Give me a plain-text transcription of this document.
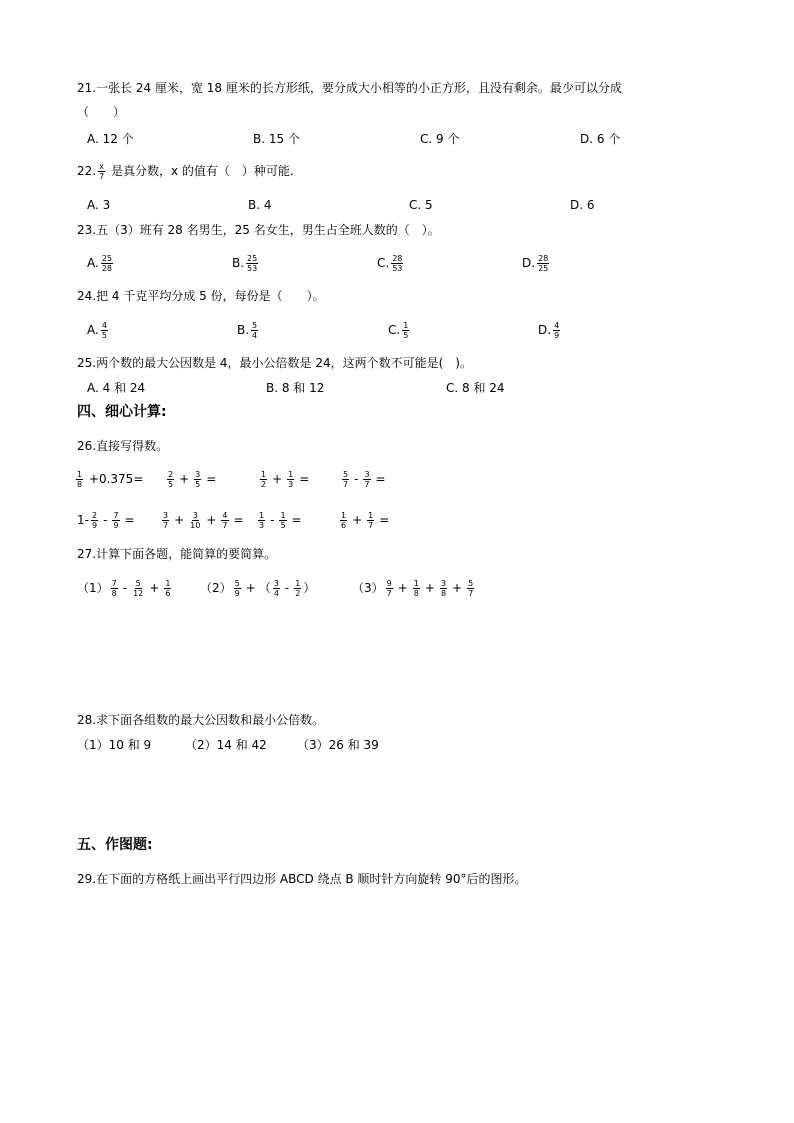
21.一张长 24 厘米，宽 18 厘米的长方形纸，要分成大小相等的小正方形，且没有剩余。最少可以分成
（　　）
A. 12 个	B. 15 个	C. 9 个	D. 6 个
22. $\frac{x}{7}$ 是真分数，x 的值有（　）种可能.
A. 3	B. 4	C. 5	D. 6
23.五（3）班有 28 名男生，25 名女生，男生占全班人数的（　）。
A. $\frac{25}{28}$	B. $\frac{25}{53}$	C. $\frac{28}{53}$	D. $\frac{28}{25}$
24.把 4 千克平均分成 5 份，每份是（　　）。
A. $\frac{4}{5}$	B. $\frac{5}{4}$	C. $\frac{1}{5}$	D. $\frac{4}{9}$
25.两个数的最大公因数是 4，最小公倍数是 24，这两个数不可能是(　)。
A. 4 和 24	B. 8 和 12	C. 8 和 24
四、细心计算:
26.直接写得数。
$\frac{1}{8} +0.375=$	$\frac{2}{5} + \frac{3}{5}$ =	$\frac{1}{2} + \frac{1}{3}$ =	$\frac{5}{7} - \frac{3}{7}$ =
$1- \frac{2}{9} - \frac{7}{9}$ =	$\frac{3}{7} + \frac{3}{10} + \frac{4}{7}$ =	$\frac{1}{3} - \frac{1}{5}$ =	$\frac{1}{6} + \frac{1}{7}$ =
27.计算下面各题，能简算的要简算。
$(1) \frac{7}{8} - \frac{5}{12} + \frac{1}{6} (2) \frac{5}{9}$ + （ $\frac{3}{4} - \frac{1}{2}$ ）	$(3) \frac{9}{7} + \frac{1}{8} + \frac{3}{8} + \frac{5}{7}$
28.求下面各组数的最大公因数和最小公倍数。
（1）10 和 9	（2）14 和 42	（3）26 和 39
五、作图题:
29.在下面的方格纸上画出平行四边形 ABCD 绕点 B 顺时针方向旋转 90°后的图形。
